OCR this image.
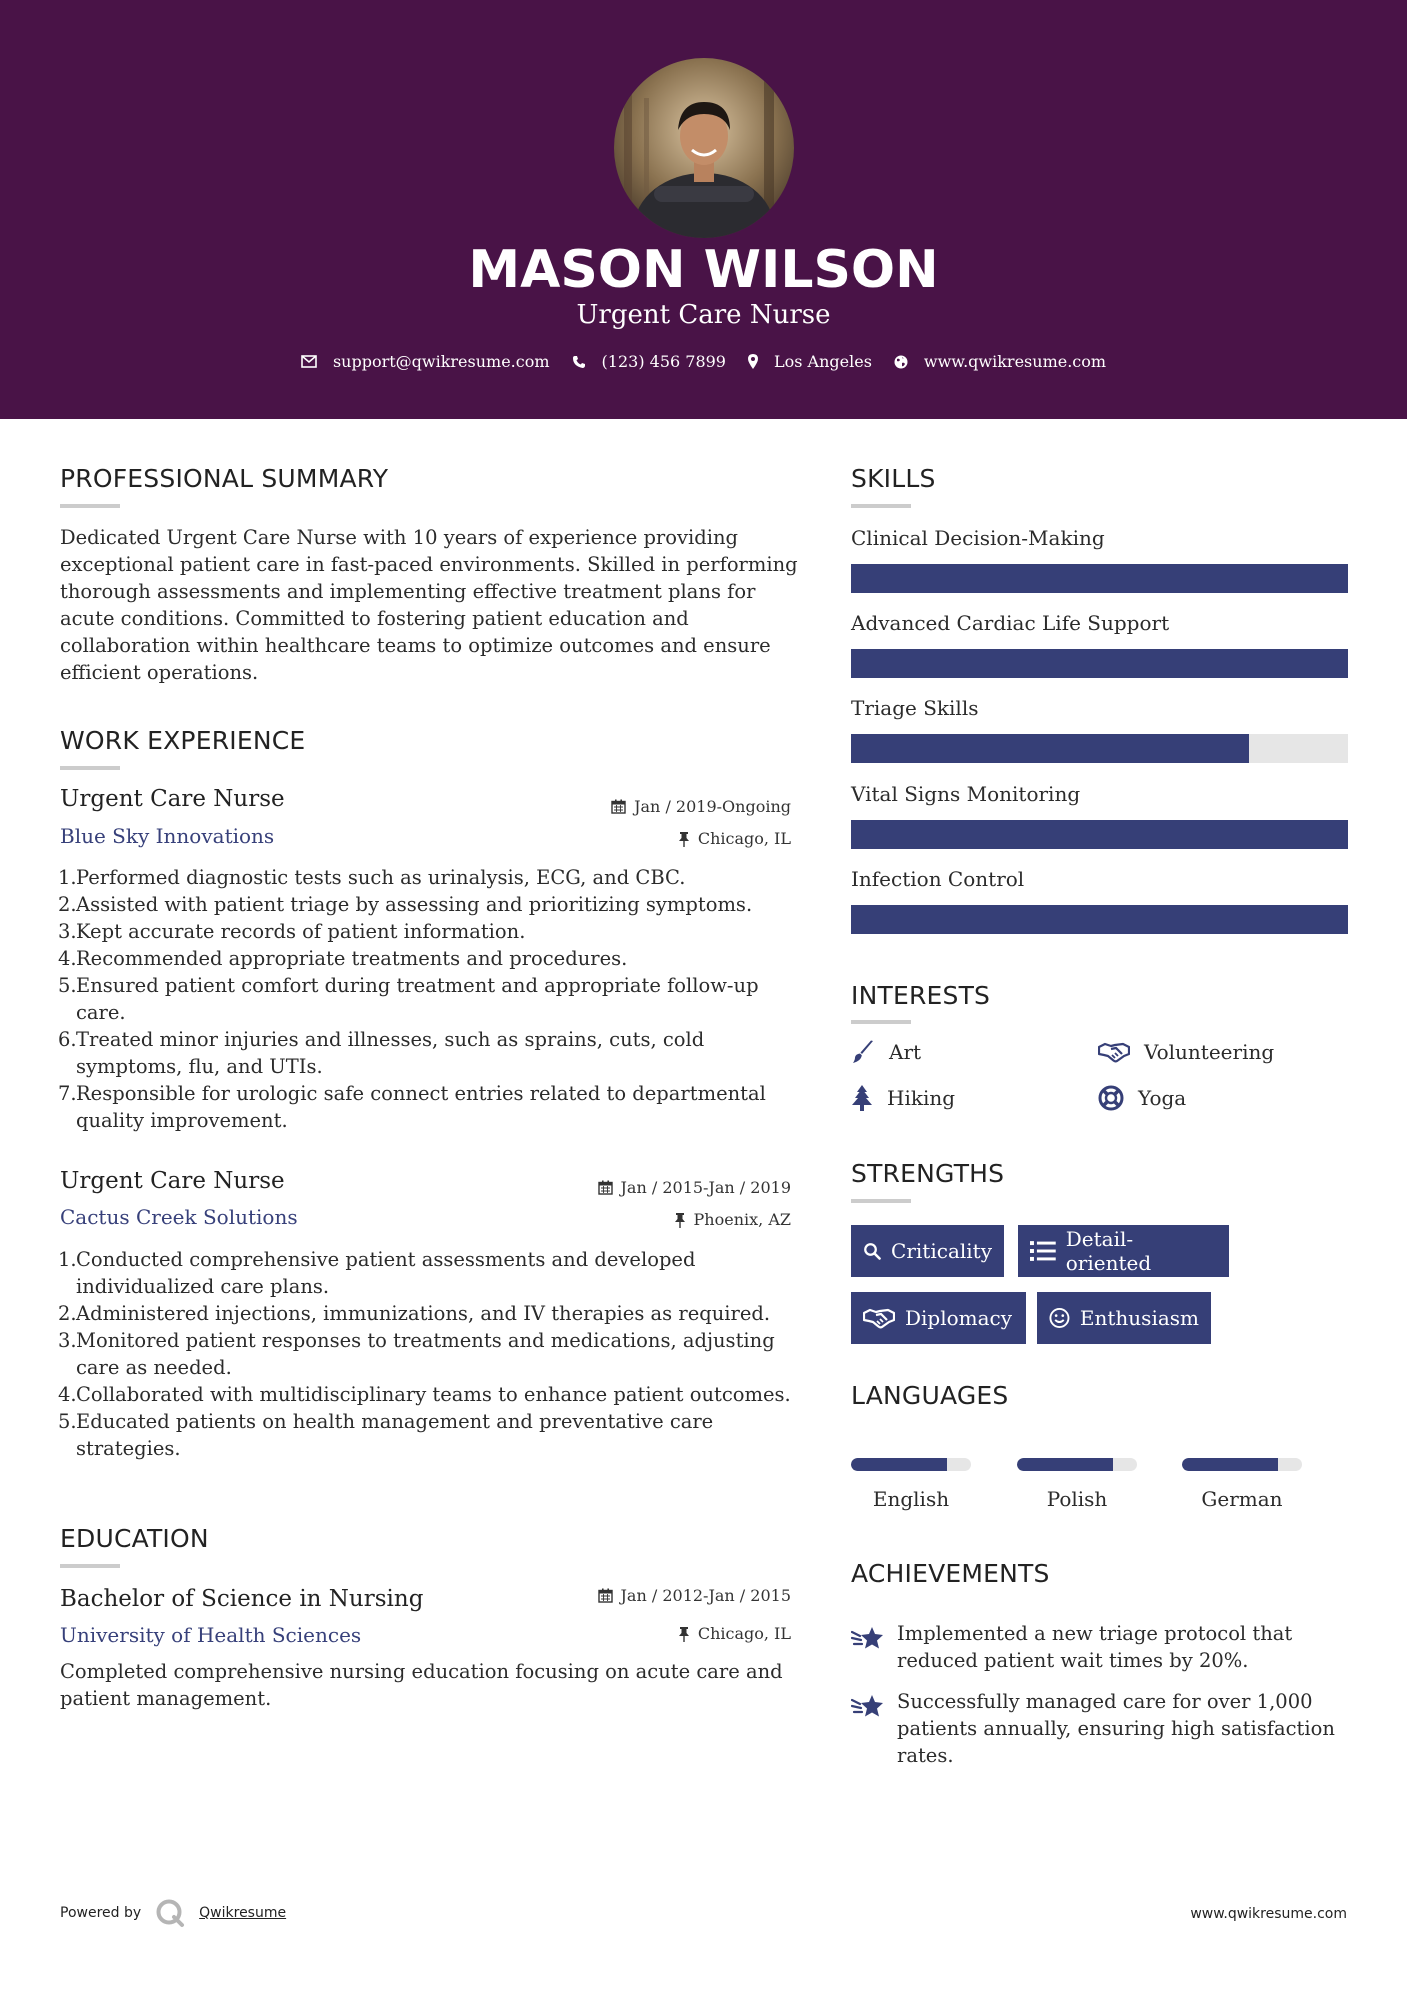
MASON WILSON
Urgent Care Nurse
support@qwikresume.com	(123) 456 7899	Los Angeles	www.qwikresume.com
PROFESSIONAL SUMMARY
Dedicated Urgent Care Nurse with 10 years of experience providing
exceptional patient care in fast-paced environments. Skilled in performing
thorough assessments and implementing effective treatment plans for
acute conditions. Committed to fostering patient education and
collaboration within healthcare teams to optimize outcomes and ensure
efficient operations.
WORK EXPERIENCE
Urgent Care Nurse	Jan / 2019-Ongoing
Blue Sky Innovations	Chicago, IL
1. Performed diagnostic tests such as urinalysis, ECG, and CBC.
2. Assisted with patient triage by assessing and prioritizing symptoms.
3. Kept accurate records of patient information.
4. Recommended appropriate treatments and procedures.
5. Ensured patient comfort during treatment and appropriate follow-up
care.
6. Treated minor injuries and illnesses, such as sprains, cuts, cold
symptoms, flu, and UTIs.
7. Responsible for urologic safe connect entries related to departmental
quality improvement.
Urgent Care Nurse	Jan / 2015-Jan / 2019
Cactus Creek Solutions	Phoenix, AZ
1. Conducted comprehensive patient assessments and developed
individualized care plans.
2. Administered injections, immunizations, and IV therapies as required.
3. Monitored patient responses to treatments and medications, adjusting
care as needed.
4. Collaborated with multidisciplinary teams to enhance patient outcomes.
5. Educated patients on health management and preventative care
strategies.
EDUCATION
Bachelor of Science in Nursing	Jan / 2012-Jan / 2015
University of Health Sciences	Chicago, IL
Completed comprehensive nursing education focusing on acute care and
patient management.
SKILLS
Clinical Decision-Making
Advanced Cardiac Life Support
Triage Skills
Vital Signs Monitoring
Infection Control
INTERESTS
Art	Volunteering
Hiking	Yoga
STRENGTHS
Criticality	Detail-oriented
Diplomacy	Enthusiasm
LANGUAGES
English	Polish	German
ACHIEVEMENTS
Implemented a new triage protocol that
reduced patient wait times by 20%.
Successfully managed care for over 1,000
patients annually, ensuring high satisfaction
rates.
Powered by	Qwikresume	www.qwikresume.com
